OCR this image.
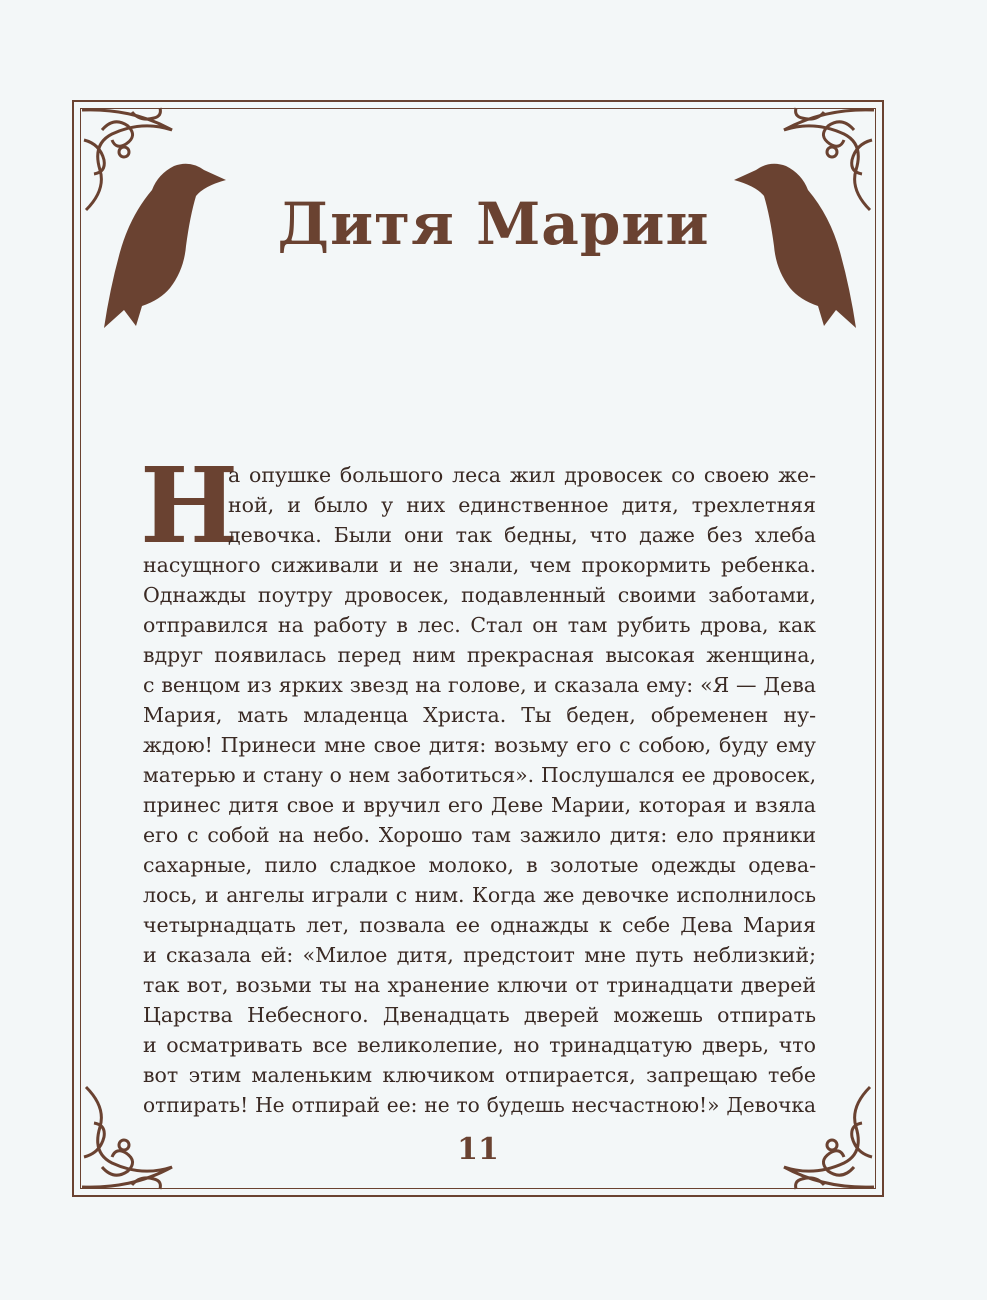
Дитя Марии
Н
а опушке большого леса жил дровосек со своею же-
ной, и было у них единственное дитя, трехлетняя
девочка. Были они так бедны, что даже без хлеба
насущного сиживали и не знали, чем прокормить ребенка.
Однажды поутру дровосек, подавленный своими заботами,
отправился на работу в лес. Стал он там рубить дрова, как
вдруг появилась перед ним прекрасная высокая женщина,
с венцом из ярких звезд на голове, и сказала ему: «Я — Дева
Мария, мать младенца Христа. Ты беден, обременен ну-
ждою! Принеси мне свое дитя: возьму его с собою, буду ему
матерью и стану о нем заботиться». Послушался ее дровосек,
принес дитя свое и вручил его Деве Марии, которая и взяла
его с собой на небо. Хорошо там зажило дитя: ело пряники
сахарные, пило сладкое молоко, в золотые одежды одева-
лось, и ангелы играли с ним. Когда же девочке исполнилось
четырнадцать лет, позвала ее однажды к себе Дева Мария
и сказала ей: «Милое дитя, предстоит мне путь неблизкий;
так вот, возьми ты на хранение ключи от тринадцати дверей
Царства Небесного. Двенадцать дверей можешь отпирать
и осматривать все великолепие, но тринадцатую дверь, что
вот этим маленьким ключиком отпирается, запрещаю тебе
отпирать! Не отпирай ее: не то будешь несчастною!» Девочка
11
